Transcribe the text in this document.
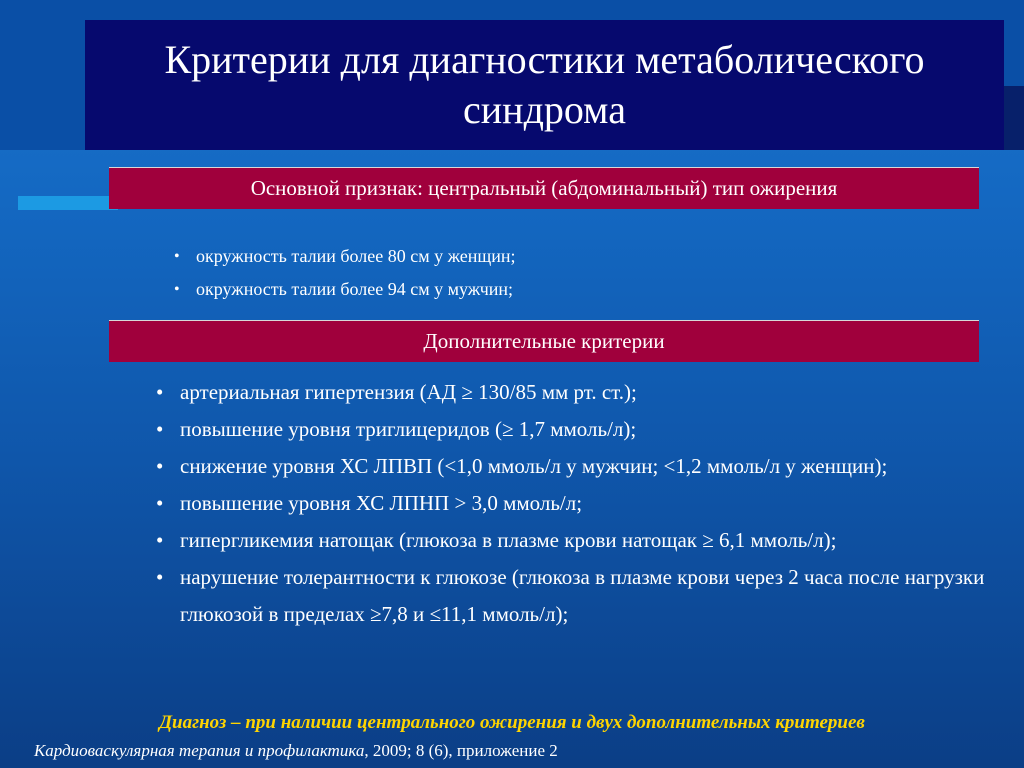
Критерии для диагностики метаболического
синдрома
Основной признак: центральный (абдоминальный) тип ожирения
• окружность талии более 80 см у женщин;
• окружность талии более 94 см у мужчин;
Дополнительные критерии
• артериальная гипертензия (АД ≥ 130/85 мм рт. ст.);
• повышение уровня триглицеридов (≥ 1,7 ммоль/л);
• снижение уровня ХС ЛПВП (<1,0 ммоль/л у мужчин; <1,2 ммоль/л у женщин);
• повышение уровня ХС ЛПНП > 3,0 ммоль/л;
• гипергликемия натощак (глюкоза в плазме крови натощак ≥ 6,1 ммоль/л);
• нарушение толерантности к глюкозе (глюкоза в плазме крови через 2 часа после нагрузки глюкозой в пределах ≥7,8 и ≤11,1 ммоль/л);
Диагноз – при наличии центрального ожирения и двух дополнительных критериев
Кардиоваскулярная терапия и профилактика, 2009; 8 (6), приложение 2
